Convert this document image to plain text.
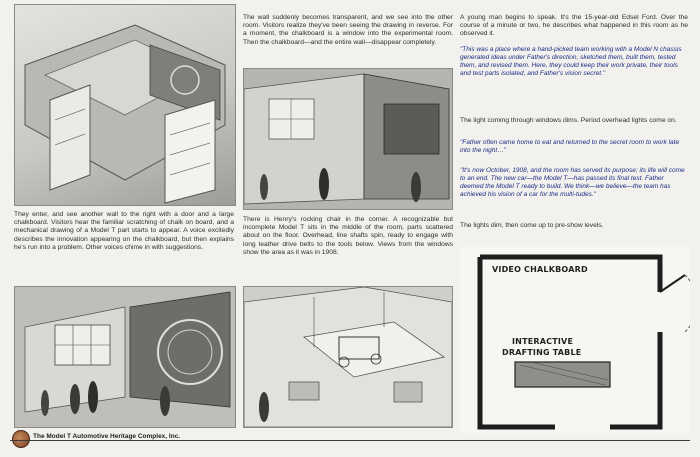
They enter, and see another wall to the right with a door and a large chalkboard. Visitors hear the familiar scratching of chalk on board, and a mechanical drawing of a Model T part starts to appear. A voice excitedly describes the innovation appearing on the chalkboard, but then explains he's run into a problem. Other voices chime in with suggestions.

The wall suddenly becomes transparent, and we see into the other room. Visitors realize they've been seeing the drawing in reverse. For a moment, the chalkboard is a window into the experimental room. Then the chalkboard—and the entire wall—disappear completely.

There is Henry's rocking chair in the corner. A recognizable but incomplete Model T sits in the middle of the room, parts scattered about on the floor. Overhead, line shafts spin, ready to engage with long leather drive belts to the tools below. Views from the windows show the area as it was in 1908.

A young man begins to speak. It's the 15-year-old Edsel Ford. Over the course of a minute or two, he describes what happened in this room as he observed it.

"This was a place where a hand-picked team working with a Model N chassis generated ideas under Father's direction, sketched them, built them, tested them, and revised them. Here, they could keep their work private, their tools and test parts isolated, and Father's vision secret."

The light coming through windows dims. Period overhead lights come on.

"Father often came home to eat and returned to the secret room to work late into the night…"

"It's now October, 1908, and the room has served its purpose; its life will come to an end. The new car—the Model T—has passed its final test. Father deemed the Model T ready to build. We think—we believe—the team has achieved his vision of a car for the multi-tudes."

The lights dim, then come up to pre-show levels.

VIDEO CHALKBOARD
INTERACTIVE
DRAFTING TABLE
The Model T Automotive Heritage Complex, Inc.
